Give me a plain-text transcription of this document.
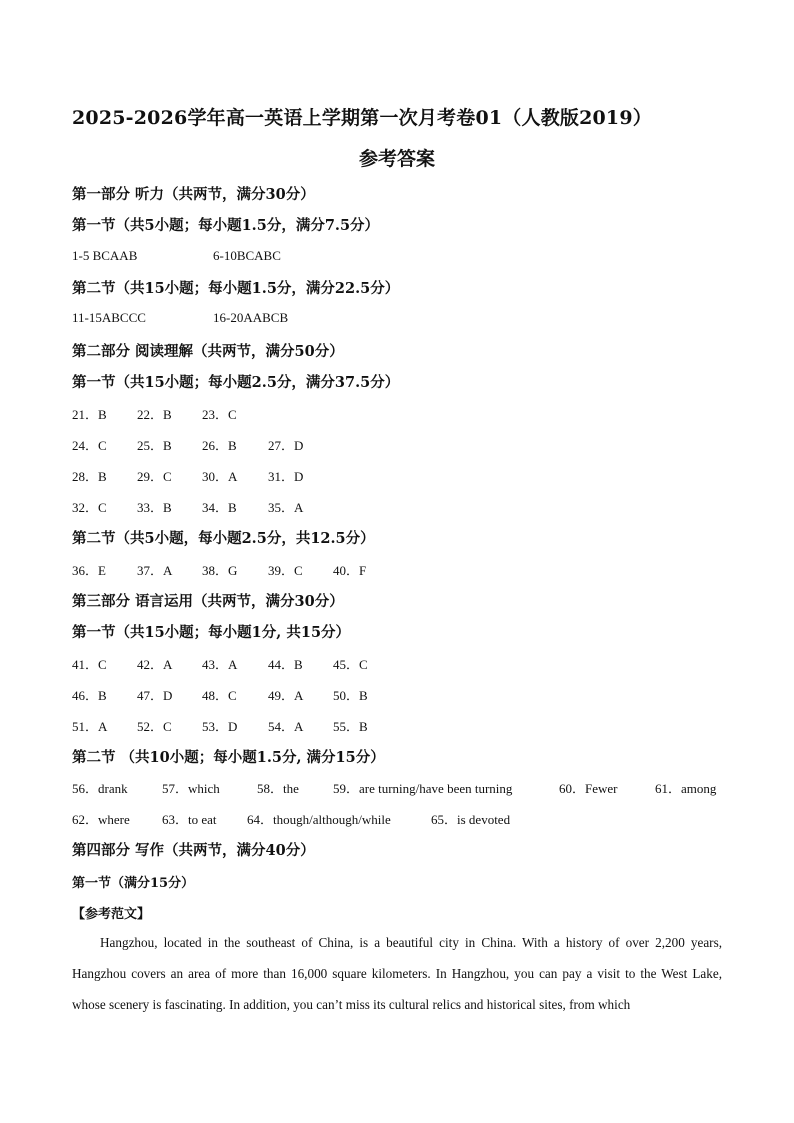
2025-2026学年高一英语上学期第一次月考卷01（人教版2019）
参考答案
第一部分 听力（共两节，满分30分）
第一节（共5小题；每小题1.5分，满分7.5分）
1-5 BCAAB	6-10BCABC
第二节（共15小题；每小题1.5分，满分22.5分）
11-15ABCCC	16-20AABCB
第二部分 阅读理解（共两节，满分50分）
第一节（共15小题；每小题2.5分，满分37.5分）
21．B 22．B 23．C
24．C 25．B 26．B 27．D
28．B 29．C 30．A 31．D
32．C 33．B 34．B 35．A
第二节（共5小题，每小题2.5分，共12.5分）
36．E 37．A 38．G 39．C 40．F
第三部分 语言运用（共两节，满分30分）
第一节（共15小题；每小题1分, 共15分）
41．C 42．A 43．A 44．B 45．C
46．B 47．D 48．C 49．A 50．B
51．A 52．C 53．D 54．A 55．B
第二节 （共10小题；每小题1.5分, 满分15分）
56．drank	57．which	58．the	59．are turning/have been turning	60．Fewer	61．among
62．where 63．to eat 64．though/although/while	65．is devoted
第四部分 写作（共两节，满分40分）
第一节（满分15分）
【参考范文】
Hangzhou, located in the southeast of China, is a beautiful city in China. With a history of over 2,200 years, Hangzhou covers an area of more than 16,000 square kilometers. In Hangzhou, you can pay a visit to the West Lake, whose scenery is fascinating. In addition, you can’t miss its cultural relics and historical sites, from which
